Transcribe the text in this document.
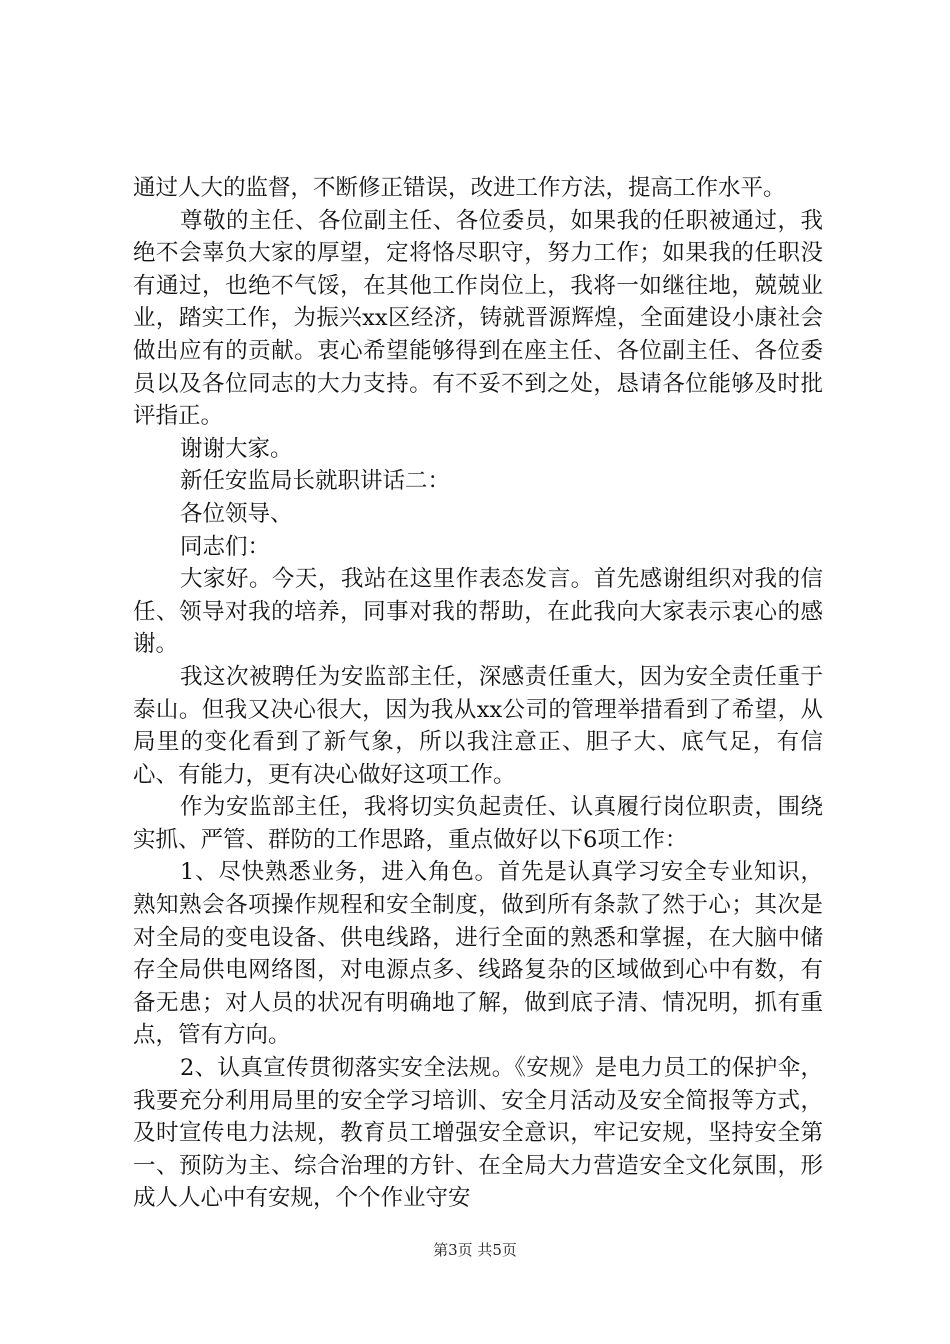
通过人大的监督，不断修正错误，改进工作方法，提高工作水平。

尊敬的主任、各位副主任、各位委员，如果我的任职被通过，我绝不会辜负大家的厚望，定将恪尽职守，努力工作；如果我的任职没有通过，也绝不气馁，在其他工作岗位上，我将一如继往地，兢兢业业，踏实工作，为振兴xx区经济，铸就晋源辉煌，全面建设小康社会做出应有的贡献。衷心希望能够得到在座主任、各位副主任、各位委员以及各位同志的大力支持。有不妥不到之处，恳请各位能够及时批评指正。

谢谢大家。

新任安监局长就职讲话二：

各位领导、

同志们：

大家好。今天，我站在这里作表态发言。首先感谢组织对我的信任、领导对我的培养，同事对我的帮助，在此我向大家表示衷心的感谢。

我这次被聘任为安监部主任，深感责任重大，因为安全责任重于泰山。但我又决心很大，因为我从xx公司的管理举措看到了希望，从局里的变化看到了新气象，所以我注意正、胆子大、底气足，有信心、有能力，更有决心做好这项工作。

作为安监部主任，我将切实负起责任、认真履行岗位职责，围绕实抓、严管、群防的工作思路，重点做好以下6项工作：

1、尽快熟悉业务，进入角色。首先是认真学习安全专业知识，熟知熟会各项操作规程和安全制度，做到所有条款了然于心；其次是对全局的变电设备、供电线路，进行全面的熟悉和掌握，在大脑中储存全局供电网络图，对电源点多、线路复杂的区域做到心中有数，有备无患；对人员的状况有明确地了解，做到底子清、情况明，抓有重点，管有方向。

2、认真宣传贯彻落实安全法规。《安规》是电力员工的保护伞，我要充分利用局里的安全学习培训、安全月活动及安全简报等方式，及时宣传电力法规，教育员工增强安全意识，牢记安规，坚持安全第一、预防为主、综合治理的方针、在全局大力营造安全文化氛围，形成人人心中有安规，个个作业守安

第3页 共5页
